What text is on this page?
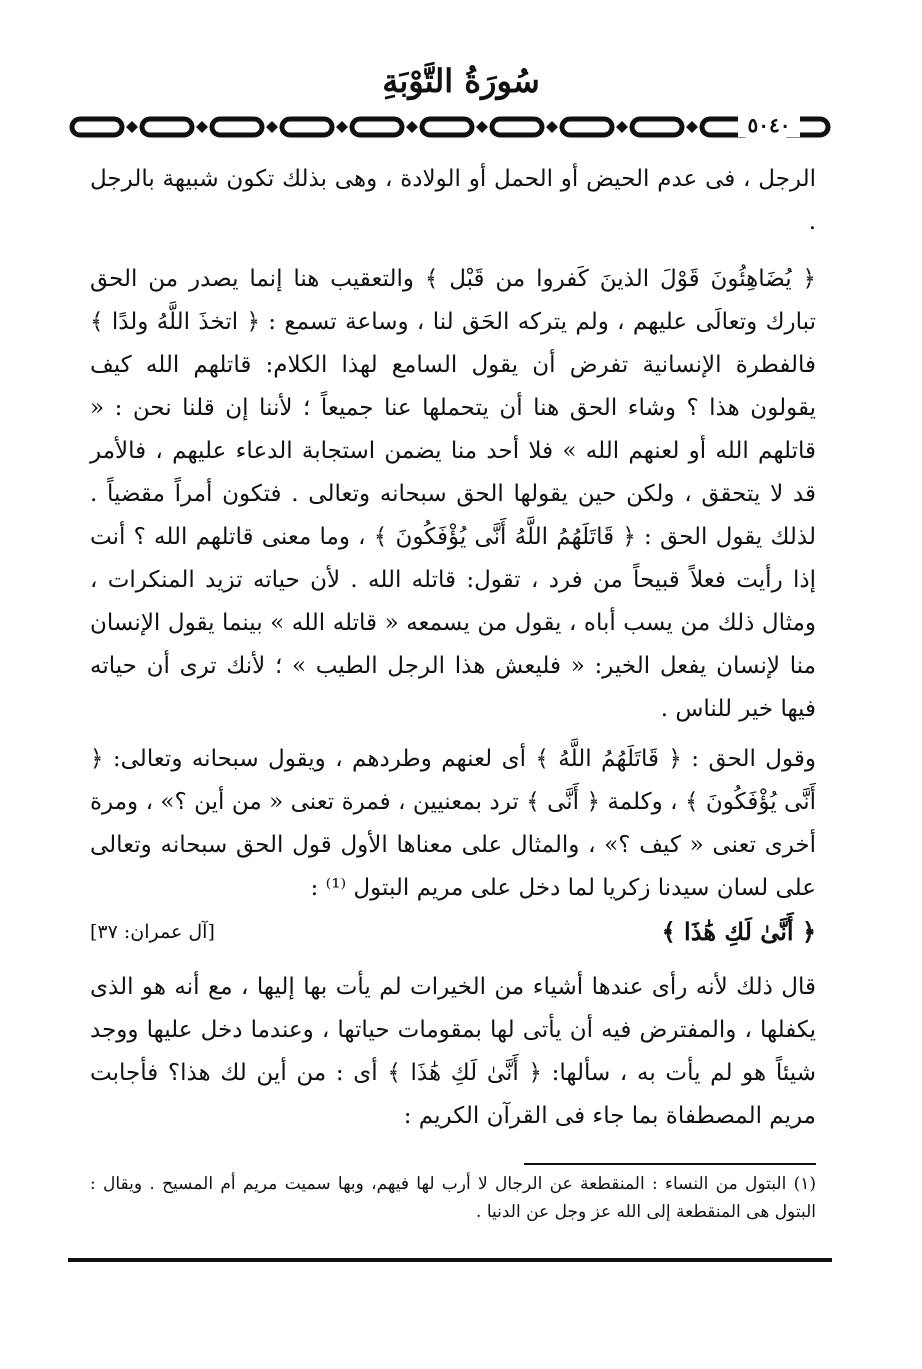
سُورَةُ التَّوْبَةِ
٥٠٤٠

الرجل ، فى عدم الحيض أو الحمل أو الولادة ، وهى بذلك تكون شبيهة بالرجل .

﴿ يُضَاهِئُونَ قَوْلَ الذينَ كَفروا من قَبْل ﴾ والتعقيب هنا إنما يصدر من الحق تبارك وتعالَى عليهم ، ولم يتركه الحَق لنا ، وساعة تسمع : ﴿ اتخذَ اللَّهُ ولدًا ﴾ فالفطرة الإنسانية تفرض أن يقول السامع لهذا الكلام: قاتلهم الله كيف يقولون هذا ؟ وشاء الحق هنا أن يتحملها عنا جميعاً ؛ لأننا إن قلنا نحن : « قاتلهم الله أو لعنهم الله » فلا أحد منا يضمن استجابة الدعاء عليهم ، فالأمر قد لا يتحقق ، ولكن حين يقولها الحق سبحانه وتعالى . فتكون أمراً مقضياً . لذلك يقول الحق : ﴿ قَاتَلَهُمُ اللَّهُ أَنَّى يُؤْفَكُونَ ﴾ ، وما معنى قاتلهم الله ؟ أنت إذا رأيت فعلاً قبيحاً من فرد ، تقول: قاتله الله . لأن حياته تزيد المنكرات ، ومثال ذلك من يسب أباه ، يقول من يسمعه « قاتله الله » بينما يقول الإنسان منا لإنسان يفعل الخير: « فليعش هذا الرجل الطيب » ؛ لأنك ترى أن حياته فيها خير للناس .

وقول الحق : ﴿ قَاتَلَهُمُ اللَّهُ ﴾ أى لعنهم وطردهم ، ويقول سبحانه وتعالى: ﴿ أَنَّى يُؤْفَكُونَ ﴾ ، وكلمة ﴿ أَنَّى ﴾ ترد بمعنيين ، فمرة تعنى « من أين ؟» ، ومرة أخرى تعنى « كيف ؟» ، والمثال على معناها الأول قول الحق سبحانه وتعالى على لسان سيدنا زكريا لما دخل على مريم البتول ⁽¹⁾ :

﴿ أَنَّىٰ لَكِ هَٰذَا ﴾
[آل عمران: ٣٧]

قال ذلك لأنه رأى عندها أشياء من الخيرات لم يأت بها إليها ، مع أنه هو الذى يكفلها ، والمفترض فيه أن يأتى لها بمقومات حياتها ، وعندما دخل عليها ووجد شيئاً هو لم يأت به ، سألها: ﴿ أَنَّىٰ لَكِ هَٰذَا ﴾ أى : من أين لك هذا؟ فأجابت مريم المصطفاة بما جاء فى القرآن الكريم :

(١) البتول من النساء : المنقطعة عن الرجال لا أرب لها فيهم، وبها سميت مريم أم المسيح . ويقال : البتول هى المنقطعة إلى الله عز وجل عن الدنيا .
